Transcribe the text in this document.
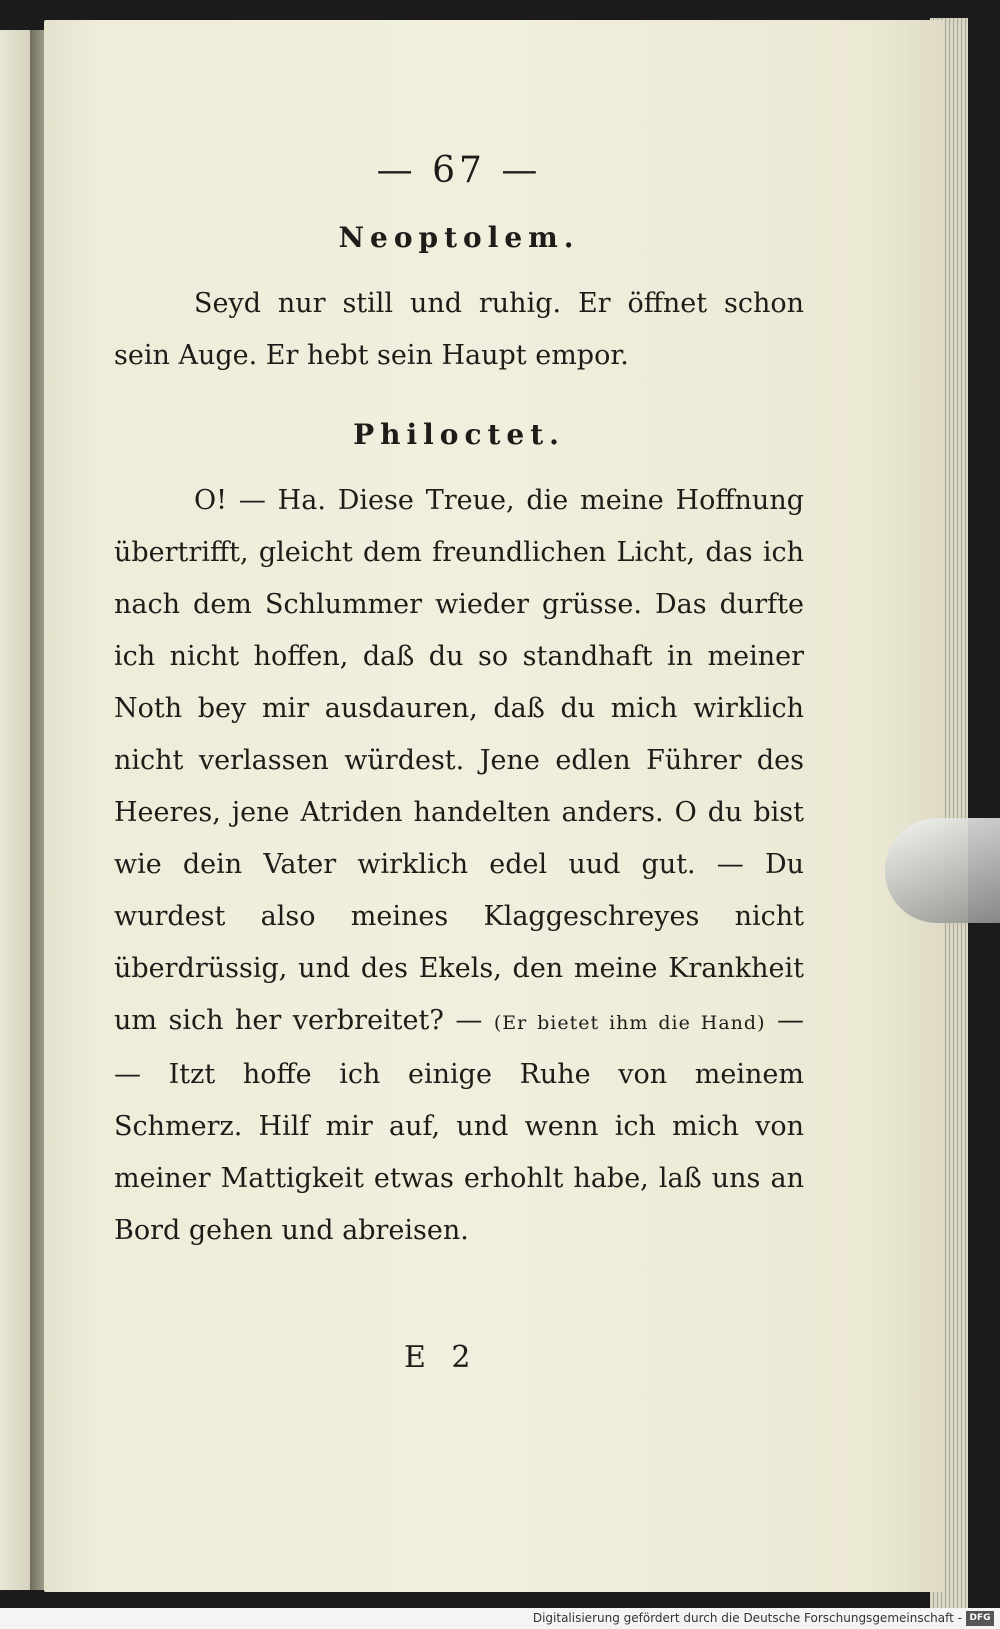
— 67 —
Neoptolem.

Seyd nur still und ruhig. Er öffnet schon sein Auge. Er hebt sein Haupt empor.

Philoctet.

O! — Ha. Diese Treue, die meine Hoffnung übertrifft, gleicht dem freundlichen Licht, das ich nach dem Schlummer wieder grüsse. Das durfte ich nicht hoffen, daß du so standhaft in meiner Noth bey mir ausdauren, daß du mich wirklich nicht verlassen würdest. Jene edlen Führer des Heeres, jene Atriden handelten anders. O du bist wie dein Vater wirklich edel uud gut. — Du wurdest also meines Klaggeschreyes nicht überdrüssig, und des Ekels, den meine Krankheit um sich her verbreitet? — (Er bietet ihm die Hand) — — Itzt hoffe ich einige Ruhe von meinem Schmerz. Hilf mir auf, und wenn ich mich von meiner Mattigkeit etwas erhohlt habe, laß uns an Bord gehen und abreisen.

E 2
Digitalisierung gefördert durch die Deutsche Forschungsgemeinschaft - DFG
